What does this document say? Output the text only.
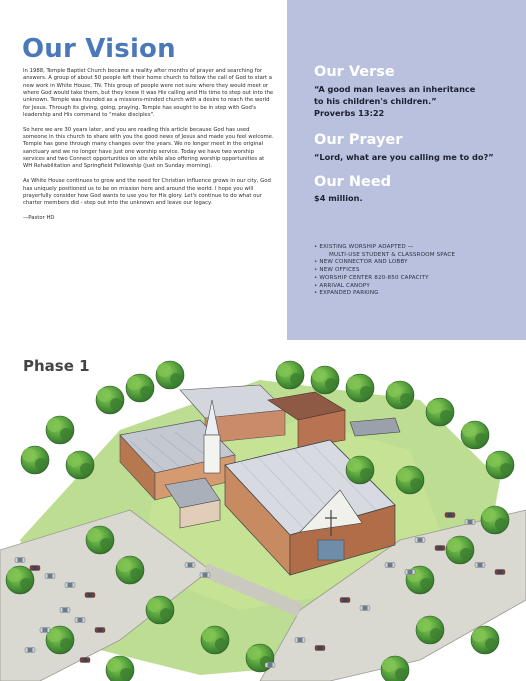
Our Vision

In 1988, Temple Baptist Church became a reality after months of prayer and searching for answers. A group of about 50 people left their home church to follow the call of God to start a new work in White House, TN. This group of people were not sure where they would meet or where God would take them, but they knew it was His calling and His time to step out into the unknown. Temple was founded as a missions-minded church with a desire to reach the world for Jesus. Through its giving, going, praying, Temple has sought to be in step with God's leadership and His command to "make disciples".

So here we are 30 years later, and you are reading this article because God has used someone in this church to share with you the good news of Jesus and made you feel welcome. Temple has gone through many changes over the years. We no longer meet in the original sanctuary and we no longer have just one worship service. Today we have two worship services and two Connect opportunities on site while also offering worship opportunities at WH Rehabilitation and Springfield Fellowship (just on Sunday morning).

As White House continues to grow and the need for Christian influence grows in our city, God has uniquely positioned us to be on mission here and around the world. I hope you will prayerfully consider how God wants to use you for His glory. Let's continue to do what our charter members did - step out into the unknown and leave our legacy.

—Pastor HD

Our Verse

“A good man leaves an inheritance

to his children's children.”

Proverbs 13:22

Our Prayer

“Lord, what are you calling me to do?”

Our Need

$4 million.

• EXISTING WORSHIP ADAPTED —
MULTI-USE STUDENT & CLASSROOM SPACE
• NEW CONNECTOR AND LOBBY
• NEW OFFICES
• WORSHIP CENTER 820-850 CAPACITY
• ARRIVAL CANOPY
• EXPANDED PARKING
Phase 1
